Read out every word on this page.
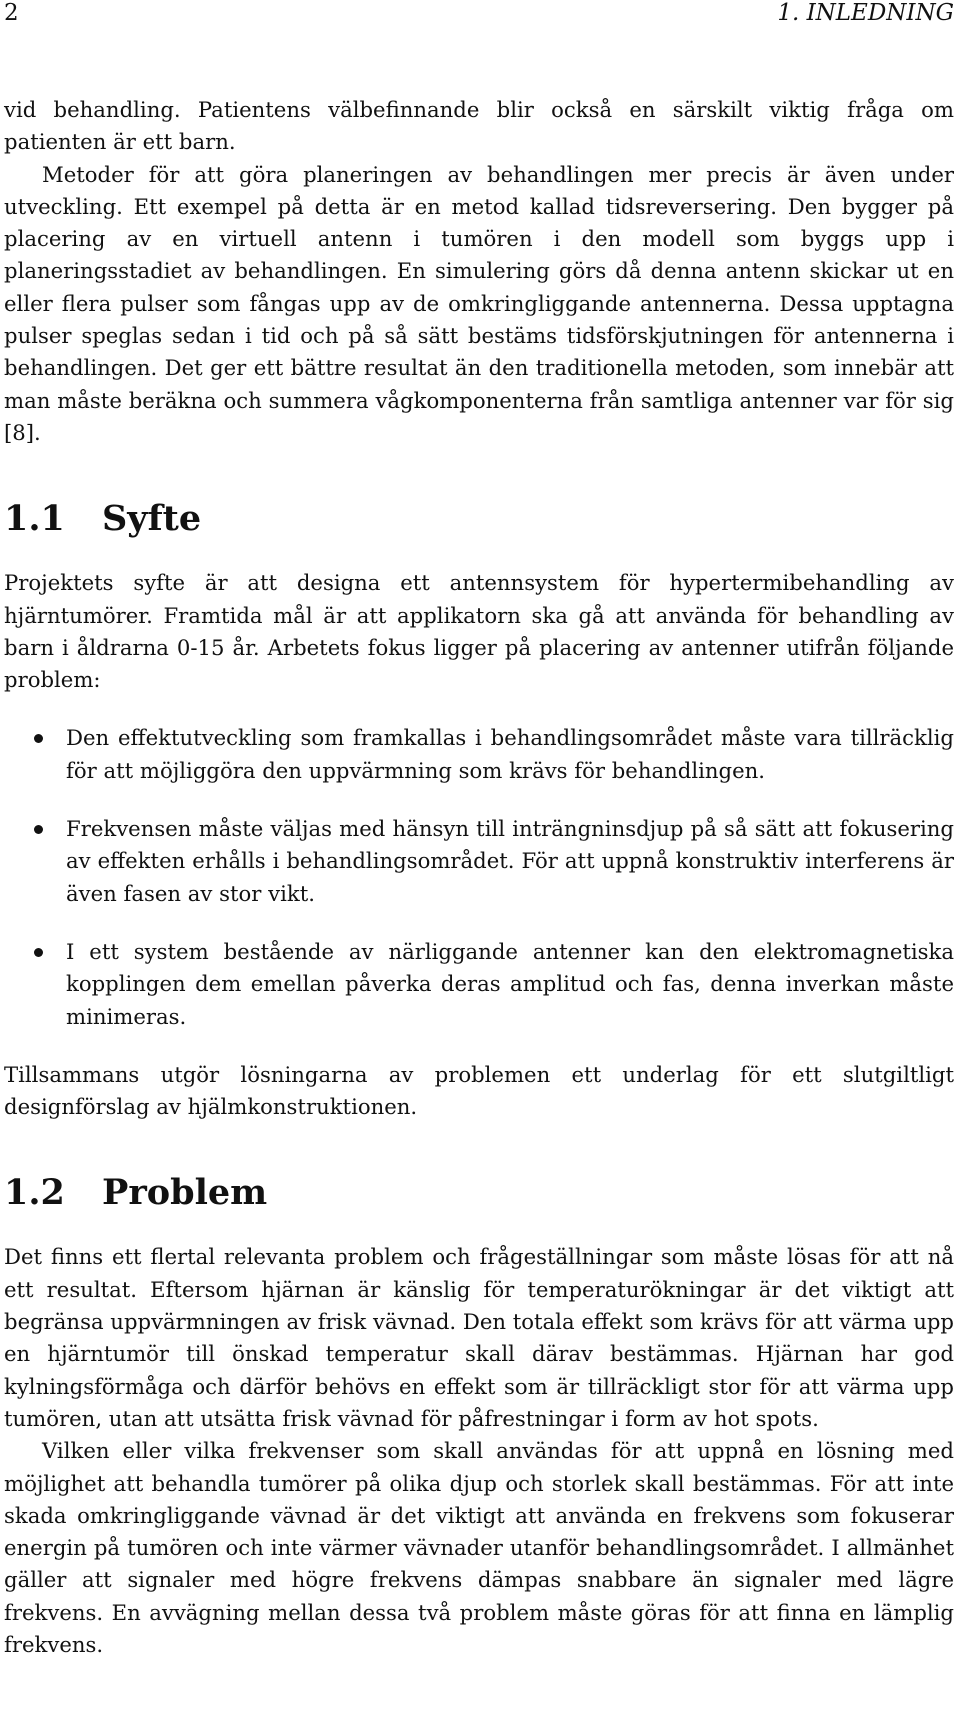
2	1. INLEDNING

vid behandling. Patientens välbefinnande blir också en särskilt viktig fråga om patienten är ett barn.

Metoder för att göra planeringen av behandlingen mer precis är även under utveckling. Ett exempel på detta är en metod kallad tidsreversering. Den bygger på placering av en virtuell antenn i tumören i den modell som byggs upp i planeringsstadiet av behandlingen. En simulering görs då denna antenn skickar ut en eller flera pulser som fångas upp av de omkringliggande antennerna. Dessa upptagna pulser speglas sedan i tid och på så sätt bestäms tidsförskjutningen för antennerna i behandlingen. Det ger ett bättre resultat än den traditionella metoden, som innebär att man måste beräkna och summera vågkomponenterna från samtliga antenner var för sig [8].

1.1	Syfte

Projektets syfte är att designa ett antennsystem för hypertermibehandling av hjärntumörer. Framtida mål är att applikatorn ska gå att använda för behandling av barn i åldrarna 0-15 år. Arbetets fokus ligger på placering av antenner utifrån följande problem:

Den effektutveckling som framkallas i behandlingsområdet måste vara tillräcklig för att möjliggöra den uppvärmning som krävs för behandlingen.
Frekvensen måste väljas med hänsyn till inträngninsdjup på så sätt att fokusering av effekten erhålls i behandlingsområdet. För att uppnå konstruktiv interferens är även fasen av stor vikt.
I ett system bestående av närliggande antenner kan den elektromagnetiska kopplingen dem emellan påverka deras amplitud och fas, denna inverkan måste minimeras.

Tillsammans utgör lösningarna av problemen ett underlag för ett slutgiltligt designförslag av hjälmkonstruktionen.

1.2	Problem

Det finns ett flertal relevanta problem och frågeställningar som måste lösas för att nå ett resultat. Eftersom hjärnan är känslig för temperaturökningar är det viktigt att begränsa uppvärmningen av frisk vävnad. Den totala effekt som krävs för att värma upp en hjärntumör till önskad temperatur skall därav bestämmas. Hjärnan har god kylningsförmåga och därför behövs en effekt som är tillräckligt stor för att värma upp tumören, utan att utsätta frisk vävnad för påfrestningar i form av hot spots.

Vilken eller vilka frekvenser som skall användas för att uppnå en lösning med möjlighet att behandla tumörer på olika djup och storlek skall bestämmas. För att inte skada omkringliggande vävnad är det viktigt att använda en frekvens som fokuserar energin på tumören och inte värmer vävnader utanför behandlingsområdet. I allmänhet gäller att signaler med högre frekvens dämpas snabbare än signaler med lägre frekvens. En avvägning mellan dessa två problem måste göras för att finna en lämplig frekvens.
